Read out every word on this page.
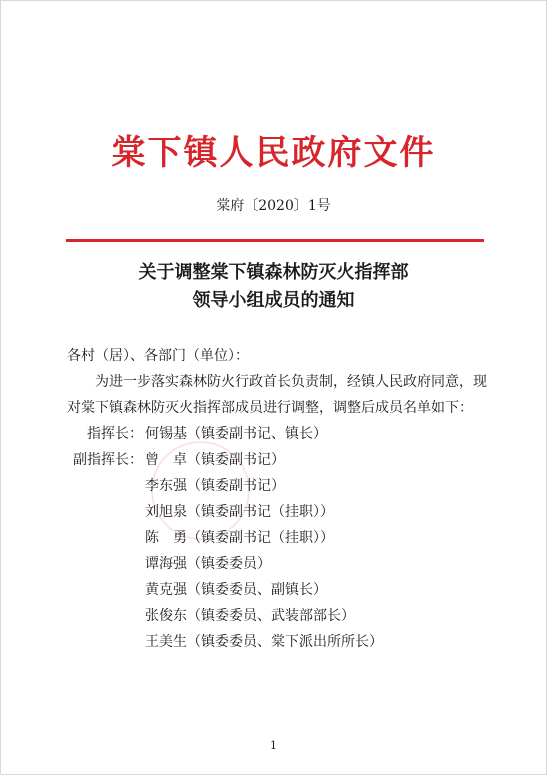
棠下镇人民政府文件
棠府〔2020〕1号
关于调整棠下镇森林防灭火指挥部
领导小组成员的通知

各村（居）、各部门（单位）：

为进一步落实森林防火行政首长负责制，经镇人民政府同意，现对棠下镇森林防灭火指挥部成员进行调整，调整后成员名单如下：

指挥长： 何锡基（镇委副书记、镇长）
副指挥长： 曾　卓（镇委副书记）
李东强（镇委副书记）
刘旭泉（镇委副书记（挂职））
陈　勇（镇委副书记（挂职））
谭海强（镇委委员）
黄克强（镇委委员、副镇长）
张俊东（镇委委员、武装部部长）
王美生（镇委委员、棠下派出所所长）
1
